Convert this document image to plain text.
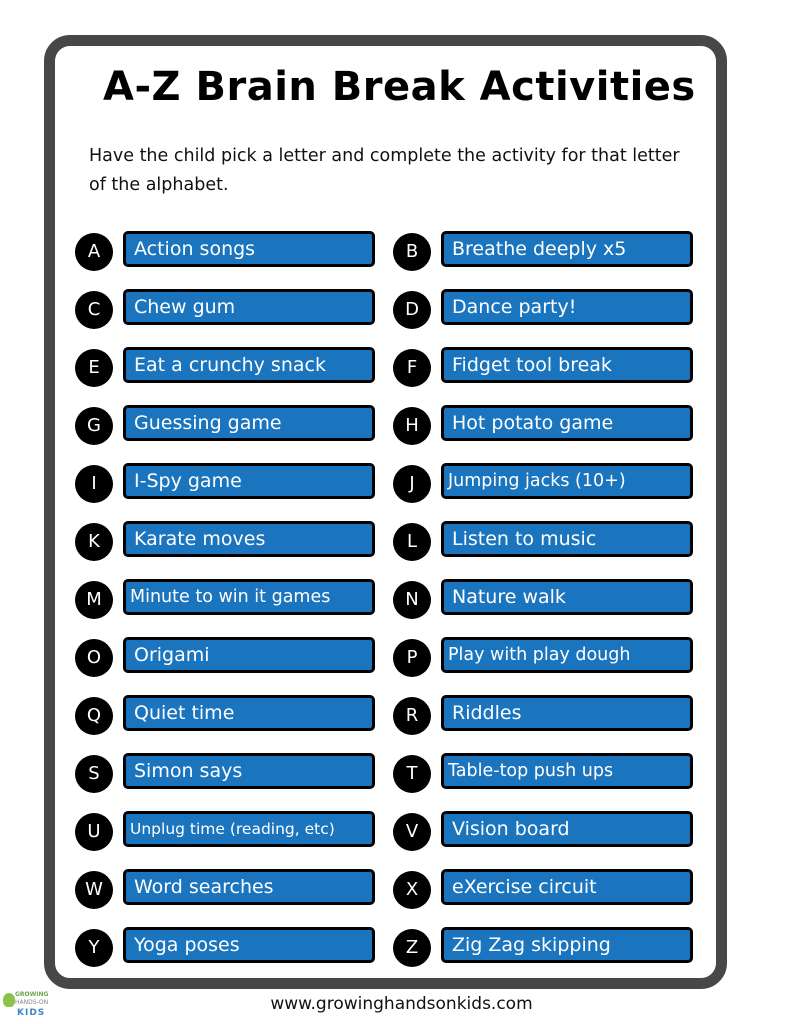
A-Z Brain Break Activities
Have the child pick a letter and complete the activity for that letter of the alphabet.
A	Action songs	B	Breathe deeply x5
C	Chew gum	D	Dance party!
E	Eat a crunchy snack	F	Fidget tool break
G	Guessing game	H	Hot potato game
I	I-Spy game	J	Jumping jacks (10+)
K	Karate moves	L	Listen to music
M	Minute to win it games	N	Nature walk
O	Origami	P	Play with play dough
Q	Quiet time	R	Riddles
S	Simon says	T	Table-top push ups
U	Unplug time (reading, etc)	V	Vision board
W	Word searches	X	eXercise circuit
Y	Yoga poses	Z	Zig Zag skipping
GROWING
HANDS-ON
KIDS	www.growinghandsonkids.com
